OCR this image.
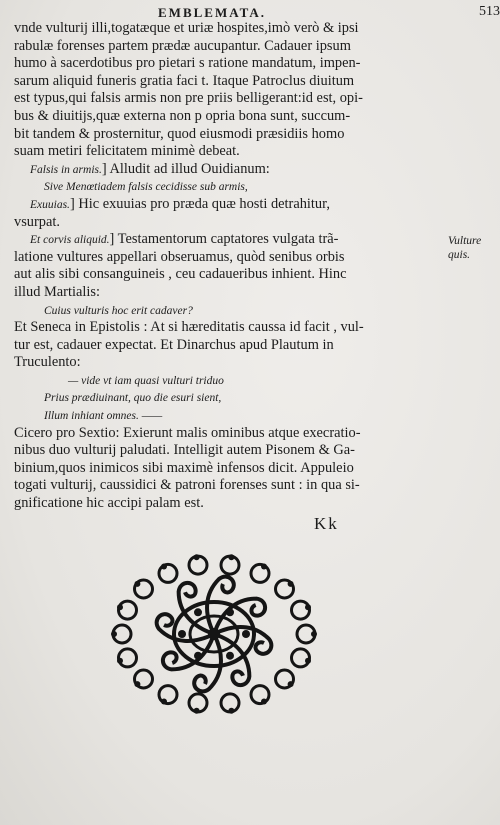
EMBLEMATA.	513
vnde vulturij illi,togatæque et uriæ hospites,imò verò & ipsi
rabulæ forenses partem prædæ aucupantur. Cadauer ipsum
humo à sacerdotibus pro pietari s ratione mandatum, impen-
sarum aliquid funeris gratia faci t. Itaque Patroclus diuitum
est typus,qui falsis armis non pre priis belligerant:id est, opi-
bus & diuitijs,quæ externa non p opria bona sunt, succum-
bit tandem & prosternitur, quod eiusmodi præsidiis homo
suam metiri felicitatem minimè debeat.
Falsis in armis.] Alludit ad illud Ouidianum:
Sive Menœtiadem falsis cecidisse sub armis,
Exuuias.] Hic exuuias pro præda quæ hosti detrahitur,
vsurpat.
Et corvis aliquid.] Testamentorum captatores vulgata trã-
latione vultures appellari obseruamus, quòd senibus orbis
aut alis sibi consanguineis , ceu cadaueribus inhient. Hinc
illud Martialis:
Cuius vulturis hoc erit cadaver?
Et Seneca in Epistolis : At si hæreditatis caussa id facit , vul-
tur est, cadauer expectat. Et Dinarchus apud Plautum in
Truculento:
— vide vt iam quasi vulturi triduo
Prius prædiuinant, quo die esuri sient,
Illum inhiant omnes. ——
Cicero pro Sextio: Exierunt malis ominibus atque execratio-
nibus duo vulturij paludati. Intelligit autem Pisonem & Ga-
binium,quos inimicos sibi maximè infensos dicit. Appuleio
togati vulturij, caussidici & patroni forenses sunt : in qua si-
gnificatione hic accipi palam est.
Vulture quis.
Kk
